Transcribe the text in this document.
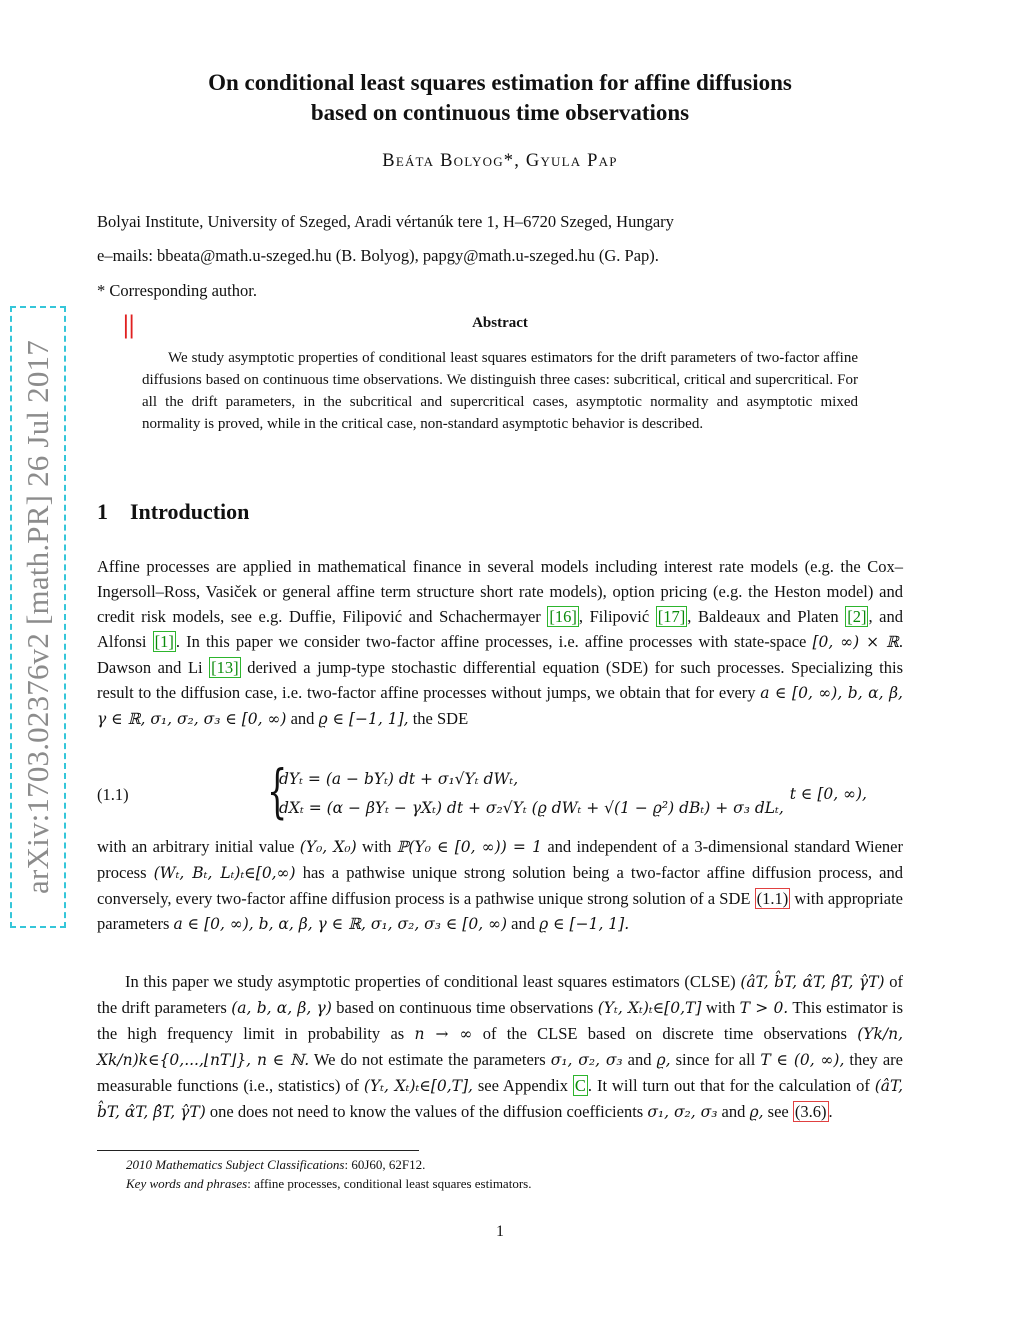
arXiv:1703.02376v2 [math.PR] 26 Jul 2017
On conditional least squares estimation for affine diffusions
based on continuous time observations
Beáta Bolyog*, Gyula Pap
Bolyai Institute, University of Szeged, Aradi vértanúk tere 1, H–6720 Szeged, Hungary
e–mails: bbeata@math.u-szeged.hu (B. Bolyog), papgy@math.u-szeged.hu (G. Pap).
* Corresponding author.
||	Abstract
We study asymptotic properties of conditional least squares estimators for the drift parameters of two-factor affine diffusions based on continuous time observations. We distinguish three cases: subcritical, critical and supercritical. For all the drift parameters, in the subcritical and supercritical cases, asymptotic normality and asymptotic mixed normality is proved, while in the critical case, non-standard asymptotic behavior is described.
1 Introduction
Affine processes are applied in mathematical finance in several models including interest rate models (e.g. the Cox–Ingersoll–Ross, Vasiček or general affine term structure short rate models), option pricing (e.g. the Heston model) and credit risk models, see e.g. Duffie, Filipović and Schachermayer [16] , Filipović [17] , Baldeaux and Platen [2] , and Alfonsi [1] . In this paper we consider two-factor affine processes, i.e. affine processes with state-space [0, ∞) × ℝ. Dawson and Li [13] derived a jump-type stochastic differential equation (SDE) for such processes. Specializing this result to the diffusion case, i.e. two-factor affine processes without jumps, we obtain that for every a ∈ [0, ∞), b, α, β, γ ∈ ℝ, σ₁, σ₂, σ₃ ∈ [0, ∞) and ϱ ∈ [−1, 1], the SDE
(1.1) {
dYₜ = (a − bYₜ) dt + σ₁√Yₜ dWₜ,
dXₜ = (α − βYₜ − γXₜ) dt + σ₂√Yₜ (ϱ dWₜ + √(1 − ϱ²) dBₜ) + σ₃ dLₜ,
t ∈ [0, ∞),
with an arbitrary initial value (Y₀, X₀) with ℙ(Y₀ ∈ [0, ∞)) = 1 and independent of a 3-dimensional standard Wiener process (Wₜ, Bₜ, Lₜ)ₜ∈[0,∞) has a pathwise unique strong solution being a two-factor affine diffusion process, and conversely, every two-factor affine diffusion process is a pathwise unique strong solution of a SDE (1.1) with appropriate parameters a ∈ [0, ∞), b, α, β, γ ∈ ℝ, σ₁, σ₂, σ₃ ∈ [0, ∞) and ϱ ∈ [−1, 1].
In this paper we study asymptotic properties of conditional least squares estimators (CLSE) (âT, b̂T, α̂T, β̂T, γ̂T) of the drift parameters (a, b, α, β, γ) based on continuous time observations (Yₜ, Xₜ)ₜ∈[0,T] with T > 0. This estimator is the high frequency limit in probability as n → ∞ of the CLSE based on discrete time observations (Yk/n, Xk/n)k∈{0,...,⌊nT⌋}, n ∈ ℕ. We do not estimate the parameters σ₁, σ₂, σ₃ and ϱ, since for all T ∈ (0, ∞), they are measurable functions (i.e., statistics) of (Yₜ, Xₜ)ₜ∈[0,T], see Appendix C . It will turn out that for the calculation of (âT, b̂T, α̂T, β̂T, γ̂T) one does not need to know the values of the diffusion coefficients σ₁, σ₂, σ₃ and ϱ, see (3.6) .
2010 Mathematics Subject Classifications: 60J60, 62F12.
Key words and phrases: affine processes, conditional least squares estimators.
1
